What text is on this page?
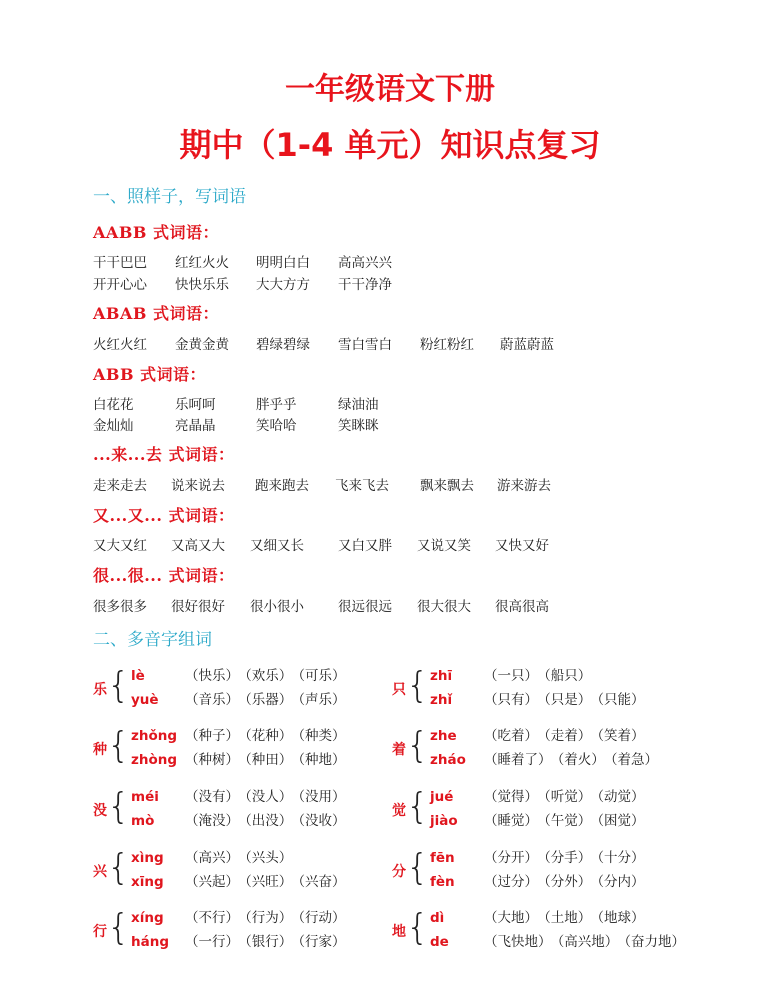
一年级语文下册
期中（1-4 单元）知识点复习
一、照样子，写词语
AABB 式词语：
干干巴巴 红红火火 明明白白 高高兴兴
开开心心 快快乐乐 大大方方 干干净净
ABAB 式词语：
火红火红 金黄金黄 碧绿碧绿 雪白雪白 粉红粉红 蔚蓝蔚蓝
ABB 式词语：
白花花	乐呵呵	胖乎乎	绿油油
金灿灿	亮晶晶	笑哈哈	笑眯眯
...来...去 式词语：
走来走去 说来说去 跑来跑去 飞来飞去 飘来飘去 游来游去
又...又... 式词语：
又大又红 又高又大 又细又长	又白又胖 又说又笑 又快又好
很...很... 式词语：
很多很多 很好很好 很小很小	很远很远 很大很大 很高很高
二、多音字组词
乐 { lè	（快乐） （欢乐） （可乐）
yuè （音乐） （乐器） （声乐）
只 { zhī （一只） （船只）
zhǐ （只有） （只是） （只能）
种 { zhǒng （种子） （花种） （种类）
zhòng （种树） （种田） （种地）
着 { zhe （吃着） （走着） （笑着）
zháo （睡着了） （着火） （着急）
没 { méi （没有） （没人） （没用）
mò （淹没） （出没） （没收）
觉 { jué （觉得） （听觉） （动觉）
jiào （睡觉） （午觉） （困觉）
兴 { xìng （高兴） （兴头）
xīng （兴起） （兴旺） （兴奋）
分 { fēn （分开） （分手） （十分）
fèn （过分） （分外） （分内）
行 { xíng （不行） （行为） （行动）
háng （一行） （银行） （行家）
地 { dì	（大地） （土地） （地球）
de	（飞快地） （高兴地） （奋力地）
